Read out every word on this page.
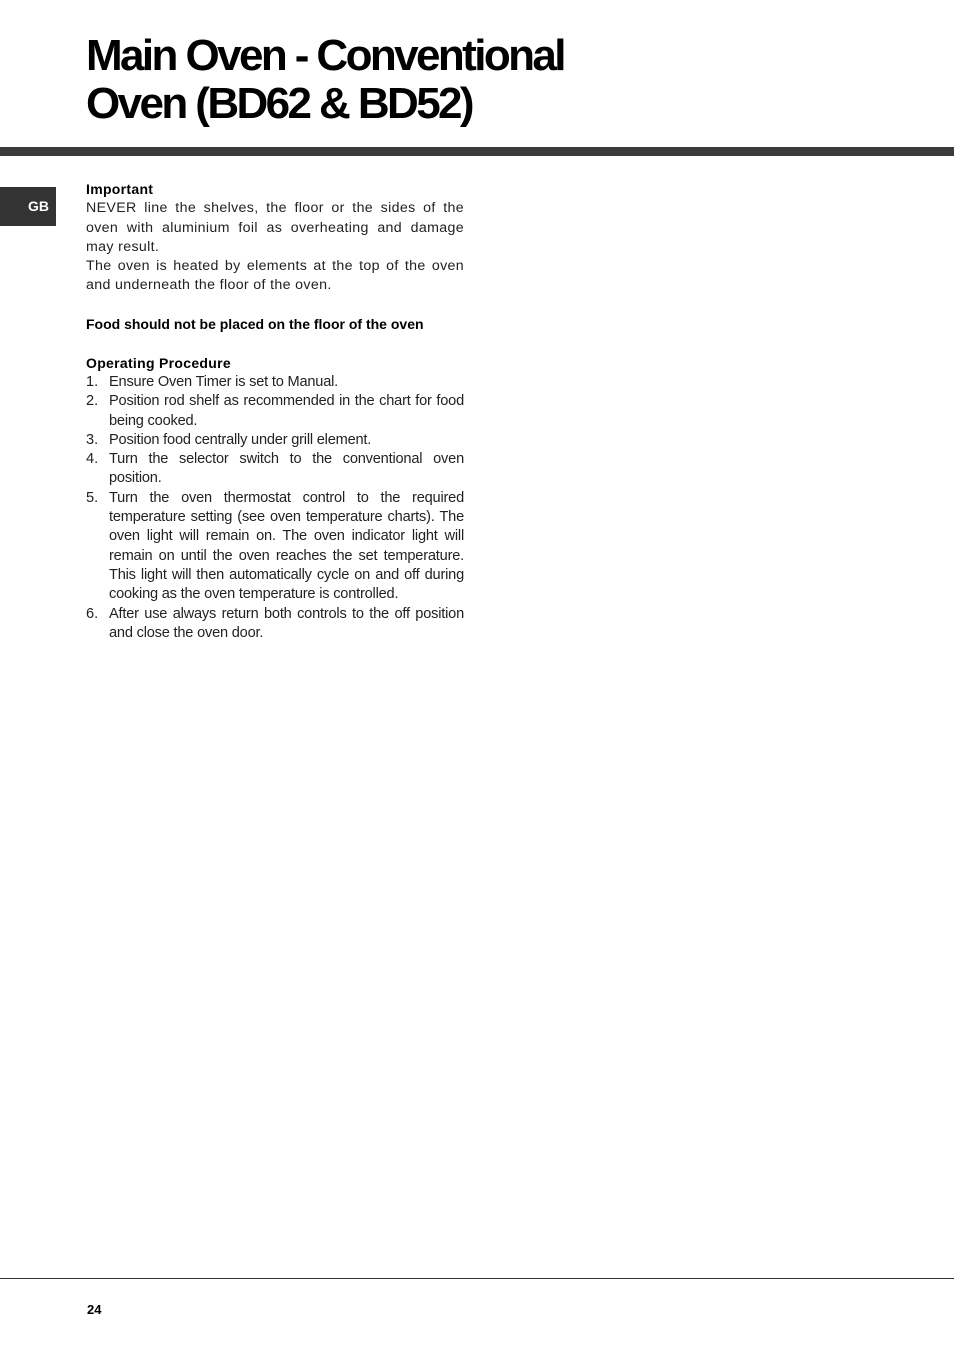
Main Oven - Conventional
Oven (BD62 & BD52)
GB

Important

NEVER line the shelves, the floor or the sides of the oven with aluminium foil as overheating and damage may result.

The oven is heated by elements at the top of the oven and underneath the floor of the oven.

Food should not be placed on the floor of the oven

Operating Procedure

1. Ensure Oven Timer is set to Manual.
2. Position rod shelf as recommended in the chart for food being cooked.
3. Position food centrally under grill element.
4. Turn the selector switch to the conventional oven position.
5. Turn the oven thermostat control to the required temperature setting (see oven temperature charts). The oven light will remain on. The oven indicator light will remain on until the oven reaches the set temperature. This light will then automatically cycle on and off during cooking as the oven temperature is controlled.
6. After use always return both controls to the off position and close the oven door.
24
